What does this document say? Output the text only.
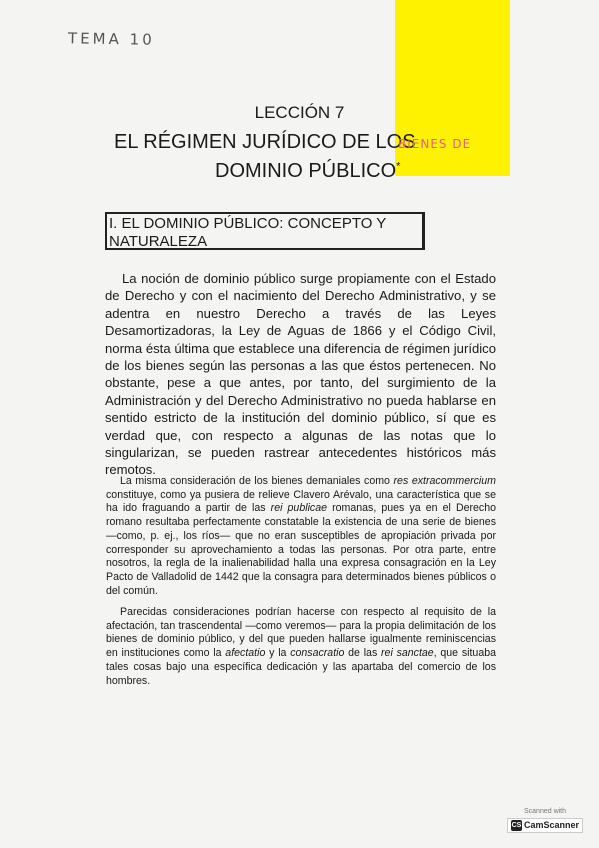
TEMA 10
LECCIÓN 7
EL RÉGIMEN JURÍDICO DE LOS
BIENES DE
DOMINIO PÚBLICO*
I. EL DOMINIO PÚBLICO: CONCEPTO Y NATURALEZA

La noción de dominio público surge propiamente con el Estado de Derecho y con el nacimiento del Derecho Administrativo, y se adentra en nuestro Derecho a través de las Leyes Desamortizadoras, la Ley de Aguas de 1866 y el Código Civil, norma ésta última que establece una diferencia de régimen jurídico de los bienes según las personas a las que éstos pertenecen. No obstante, pese a que antes, por tanto, del surgimiento de la Administración y del Derecho Administrativo no pueda hablarse en sentido estricto de la institución del dominio público, sí que es verdad que, con respecto a algunas de las notas que lo singularizan, se pueden rastrear antecedentes históricos más remotos.

La misma consideración de los bienes demaniales como res extracommercium constituye, como ya pusiera de relieve Clavero Arévalo, una característica que se ha ido fraguando a partir de las rei publicae romanas, pues ya en el Derecho romano resultaba perfectamente constatable la existencia de una serie de bienes —como, p. ej., los ríos— que no eran susceptibles de apropiación privada por corresponder su aprovechamiento a todas las personas. Por otra parte, entre nosotros, la regla de la inalienabilidad halla una expresa consagración en la Ley Pacto de Valladolid de 1442 que la consagra para determinados bienes públicos o del común.

Parecidas consideraciones podrían hacerse con respecto al requisito de la afectación, tan trascendental —como veremos— para la propia delimitación de los bienes de dominio público, y del que pueden hallarse igualmente reminiscencias en instituciones como la afectatio y la consacratio de las rei sanctae, que situaba tales cosas bajo una específica dedicación y las apartaba del comercio de los hombres.

Scanned with
CS CamScanner
